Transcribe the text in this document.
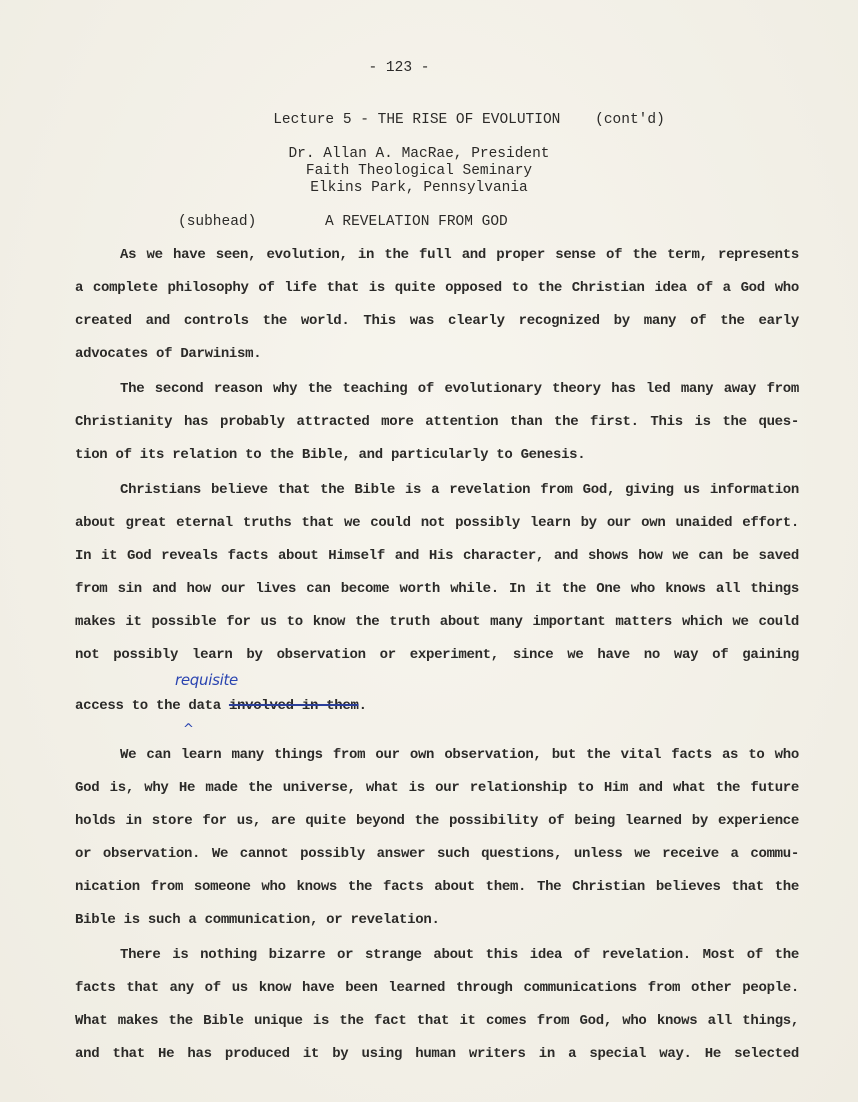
- 123 -
Lecture 5 - THE RISE OF EVOLUTION    (cont'd)
Dr. Allan A. MacRae, President
Faith Theological Seminary
Elkins Park, Pennsylvania
(subhead)	A REVELATION FROM GOD
As we have seen, evolution, in the full and proper sense of the term, represents
a complete philosophy of life that is quite opposed to the Christian idea of a God who
created and controls the world. This was clearly recognized by many of the early
advocates of Darwinism.
The second reason why the teaching of evolutionary theory has led many away from
Christianity has probably attracted more attention than the first. This is the ques-
tion of its relation to the Bible, and particularly to Genesis.
Christians believe that the Bible is a revelation from God, giving us information
about great eternal truths that we could not possibly learn by our own unaided effort.
In it God reveals facts about Himself and His character, and shows how we can be saved
from sin and how our lives can become worth while. In it the One who knows all things
makes it possible for us to know the truth about many important matters which we could
not possibly learn by observation or experiment, since we have no way of gaining
access to the data involved in them.
requisite
^
We can learn many things from our own observation, but the vital facts as to who
God is, why He made the universe, what is our relationship to Him and what the future
holds in store for us, are quite beyond the possibility of being learned by experience
or observation. We cannot possibly answer such questions, unless we receive a commu-
nication from someone who knows the facts about them. The Christian believes that the
Bible is such a communication, or revelation.
There is nothing bizarre or strange about this idea of revelation. Most of the
facts that any of us know have been learned through communications from other people.
What makes the Bible unique is the fact that it comes from God, who knows all things,
and that He has produced it by using human writers in a special way. He selected
